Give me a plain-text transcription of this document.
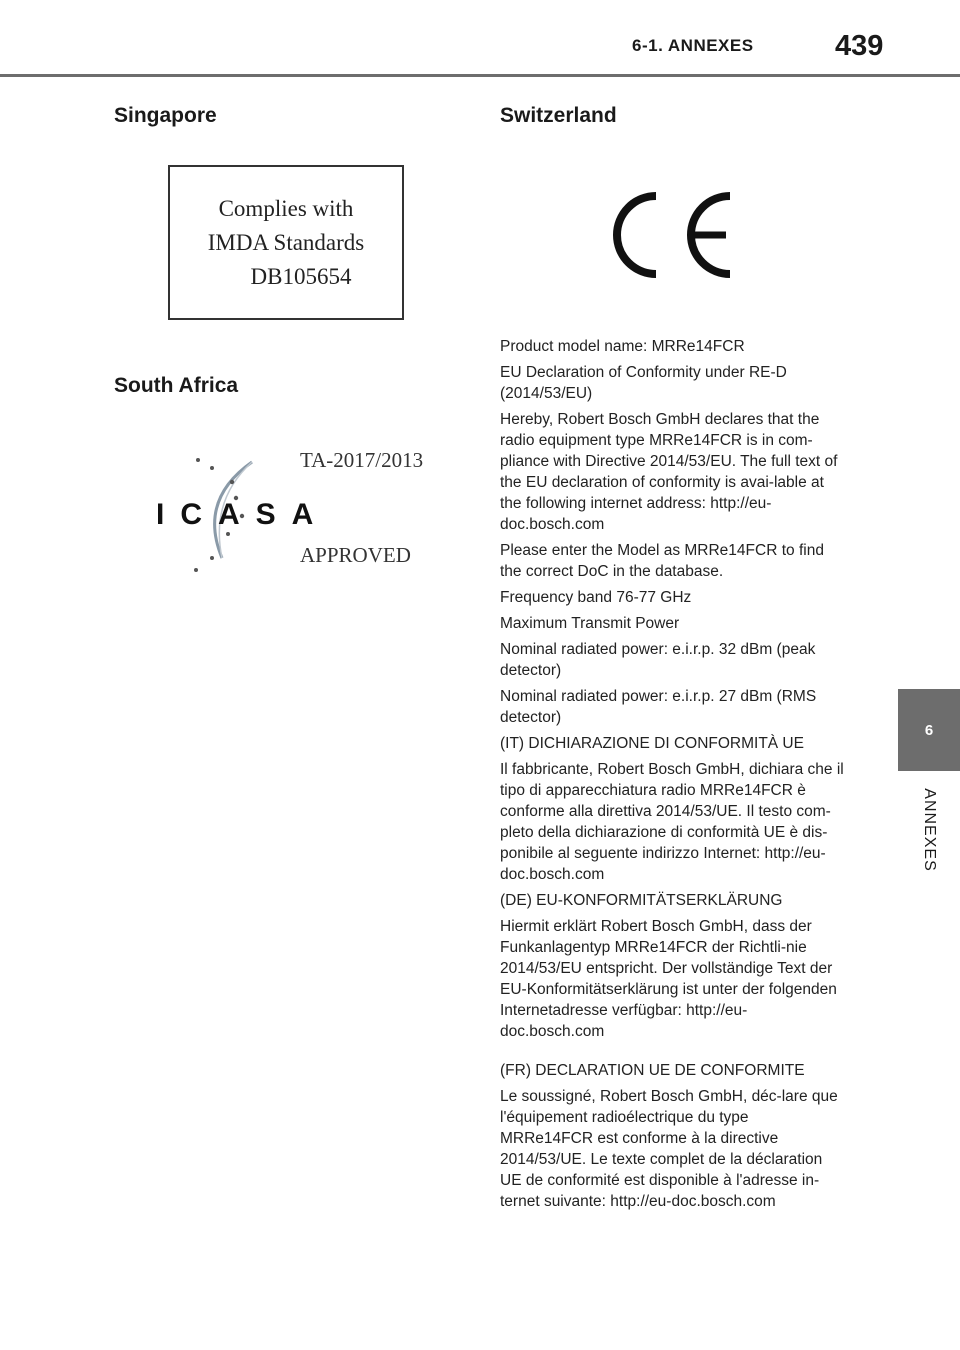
6-1. ANNEXES	439
6
ANNEXES
Singapore
Complies with
IMDA Standards
DB105654
South Africa
ICASA
TA-2017/2013
APPROVED
Switzerland

Product model name: MRRe14FCR

EU Declaration of Conformity under RE-D (2014/53/EU)

Hereby, Robert Bosch GmbH declares that the radio equipment type MRRe14FCR is in com-pliance with Directive 2014/53/EU. The full text of the EU declaration of conformity is avai-lable at the following internet address: http://eu-doc.bosch.com

Please enter the Model as MRRe14FCR to find the correct DoC in the database.

Frequency band 76-77 GHz

Maximum Transmit Power

Nominal radiated power: e.i.r.p. 32 dBm (peak detector)

Nominal radiated power: e.i.r.p. 27 dBm (RMS detector)

(IT) DICHIARAZIONE DI CONFORMITÀ UE

Il fabbricante, Robert Bosch GmbH, dichiara che il tipo di apparecchiatura radio MRRe14FCR è conforme alla direttiva 2014/53/UE. Il testo com-pleto della dichiarazione di conformità UE è dis-ponibile al seguente indirizzo Internet: http://eu-doc.bosch.com

(DE) EU-KONFORMITÄTSERKLÄRUNG

Hiermit erklärt Robert Bosch GmbH, dass der Funkanlagentyp MRRe14FCR der Richtli-nie 2014/53/EU entspricht. Der vollständige Text der EU-Konformitätserklärung ist unter der folgenden Internetadresse verfügbar: http://eu-doc.bosch.com

(FR) DECLARATION UE DE CONFORMITE

Le soussigné, Robert Bosch GmbH, déc-lare que l'équipement radioélectrique du type MRRe14FCR est conforme à la directive 2014/53/UE. Le texte complet de la déclaration UE de conformité est disponible à l'adresse in-ternet suivante: http://eu-doc.bosch.com
